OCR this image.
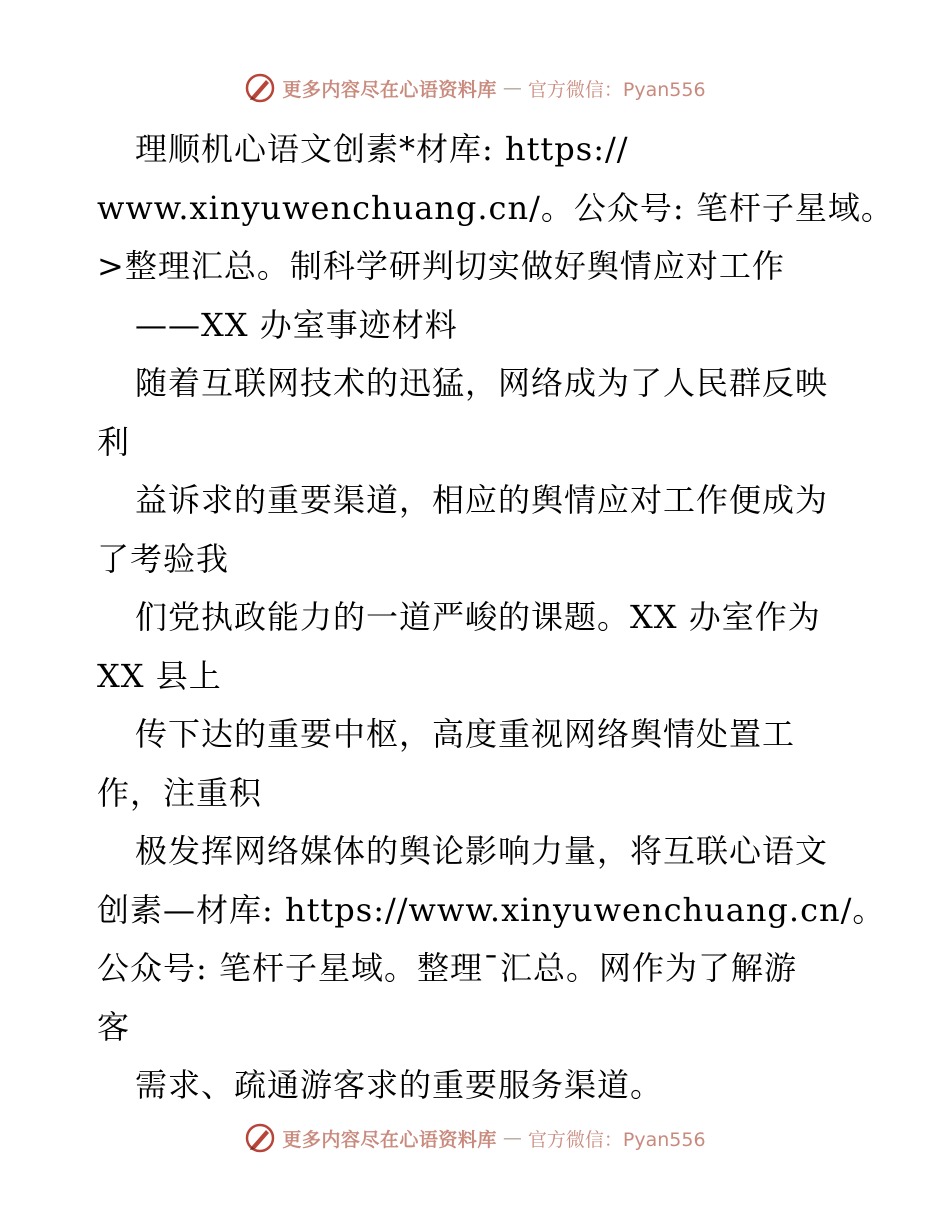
更多内容尽在心语资料库 — 官方微信：Pyan556
理顺机心语文创素*材库: https://
www.xinyuwenchuang.cn/。公众号: 笔杆子星域。
>整理汇总。制科学研判切实做好舆情应对工作
——XX 办室事迹材料
随着互联网技术的迅猛，网络成为了人民群反映
利
益诉求的重要渠道，相应的舆情应对工作便成为
了考验我
们党执政能力的一道严峻的课题。XX 办室作为
XX 县上
传下达的重要中枢，高度重视网络舆情处置工
作，注重积
极发挥网络媒体的舆论影响力量，将互联心语文
创素—材库: https://www.xinyuwenchuang.cn/。
公众号: 笔杆子星域。整理¯汇总。网作为了解游
客
需求、疏通游客求的重要服务渠道。
更多内容尽在心语资料库 — 官方微信：Pyan556
